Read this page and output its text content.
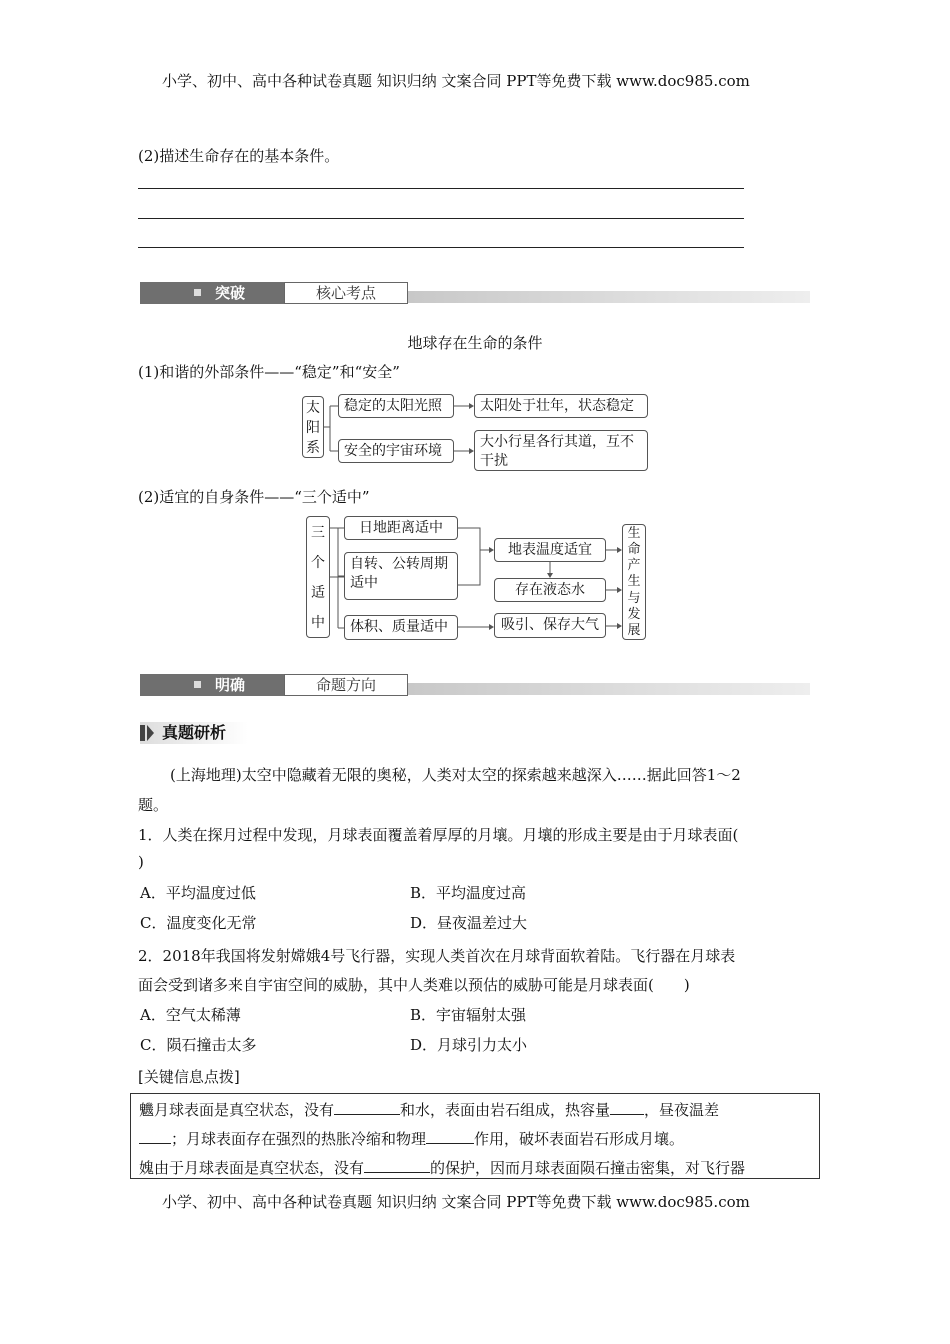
小学、初中、高中各种试卷真题 知识归纳 文案合同 PPT等免费下载 www.doc985.com
(2)描述生命存在的基本条件。
突破	核心考点
地球存在生命的条件
(1)和谐的外部条件——“稳定”和“安全”
太
阳
系
稳定的太阳光照	太阳处于壮年，状态稳定
安全的宇宙环境
大小行星各行其道，互不干扰
(2)适宜的自身条件——“三个适中”
三
个
适
中
日地距离适中
自转、公转周期适中
体积、质量适中
地表温度适宜
存在液态水
吸引、保存大气
生
命
产
生
与
发
展
明确	命题方向
真题研析
(上海地理)太空中隐藏着无限的奥秘，人类对太空的探索越来越深入……据此回答1～2
题。
1．人类在探月过程中发现，月球表面覆盖着厚厚的月壤。月壤的形成主要是由于月球表面(
)
A．平均温度过低	B．平均温度过高
C．温度变化无常	D．昼夜温差过大
2．2018年我国将发射嫦娥4号飞行器，实现人类首次在月球背面软着陆。飞行器在月球表
面会受到诸多来自宇宙空间的威胁，其中人类难以预估的威胁可能是月球表面(　　)
A．空气太稀薄	B．宇宙辐射太强
C．陨石撞击太多	D．月球引力太小
[关键信息点拨]
魕月球表面是真空状态，没有	和水，表面由岩石组成，热容量 ，昼夜温差
；月球表面存在强烈的热胀冷缩和物理	作用，破坏表面岩石形成月壤。
媿由于月球表面是真空状态，没有	的保护，因而月球表面陨石撞击密集，对飞行器
小学、初中、高中各种试卷真题 知识归纳 文案合同 PPT等免费下载 www.doc985.com
